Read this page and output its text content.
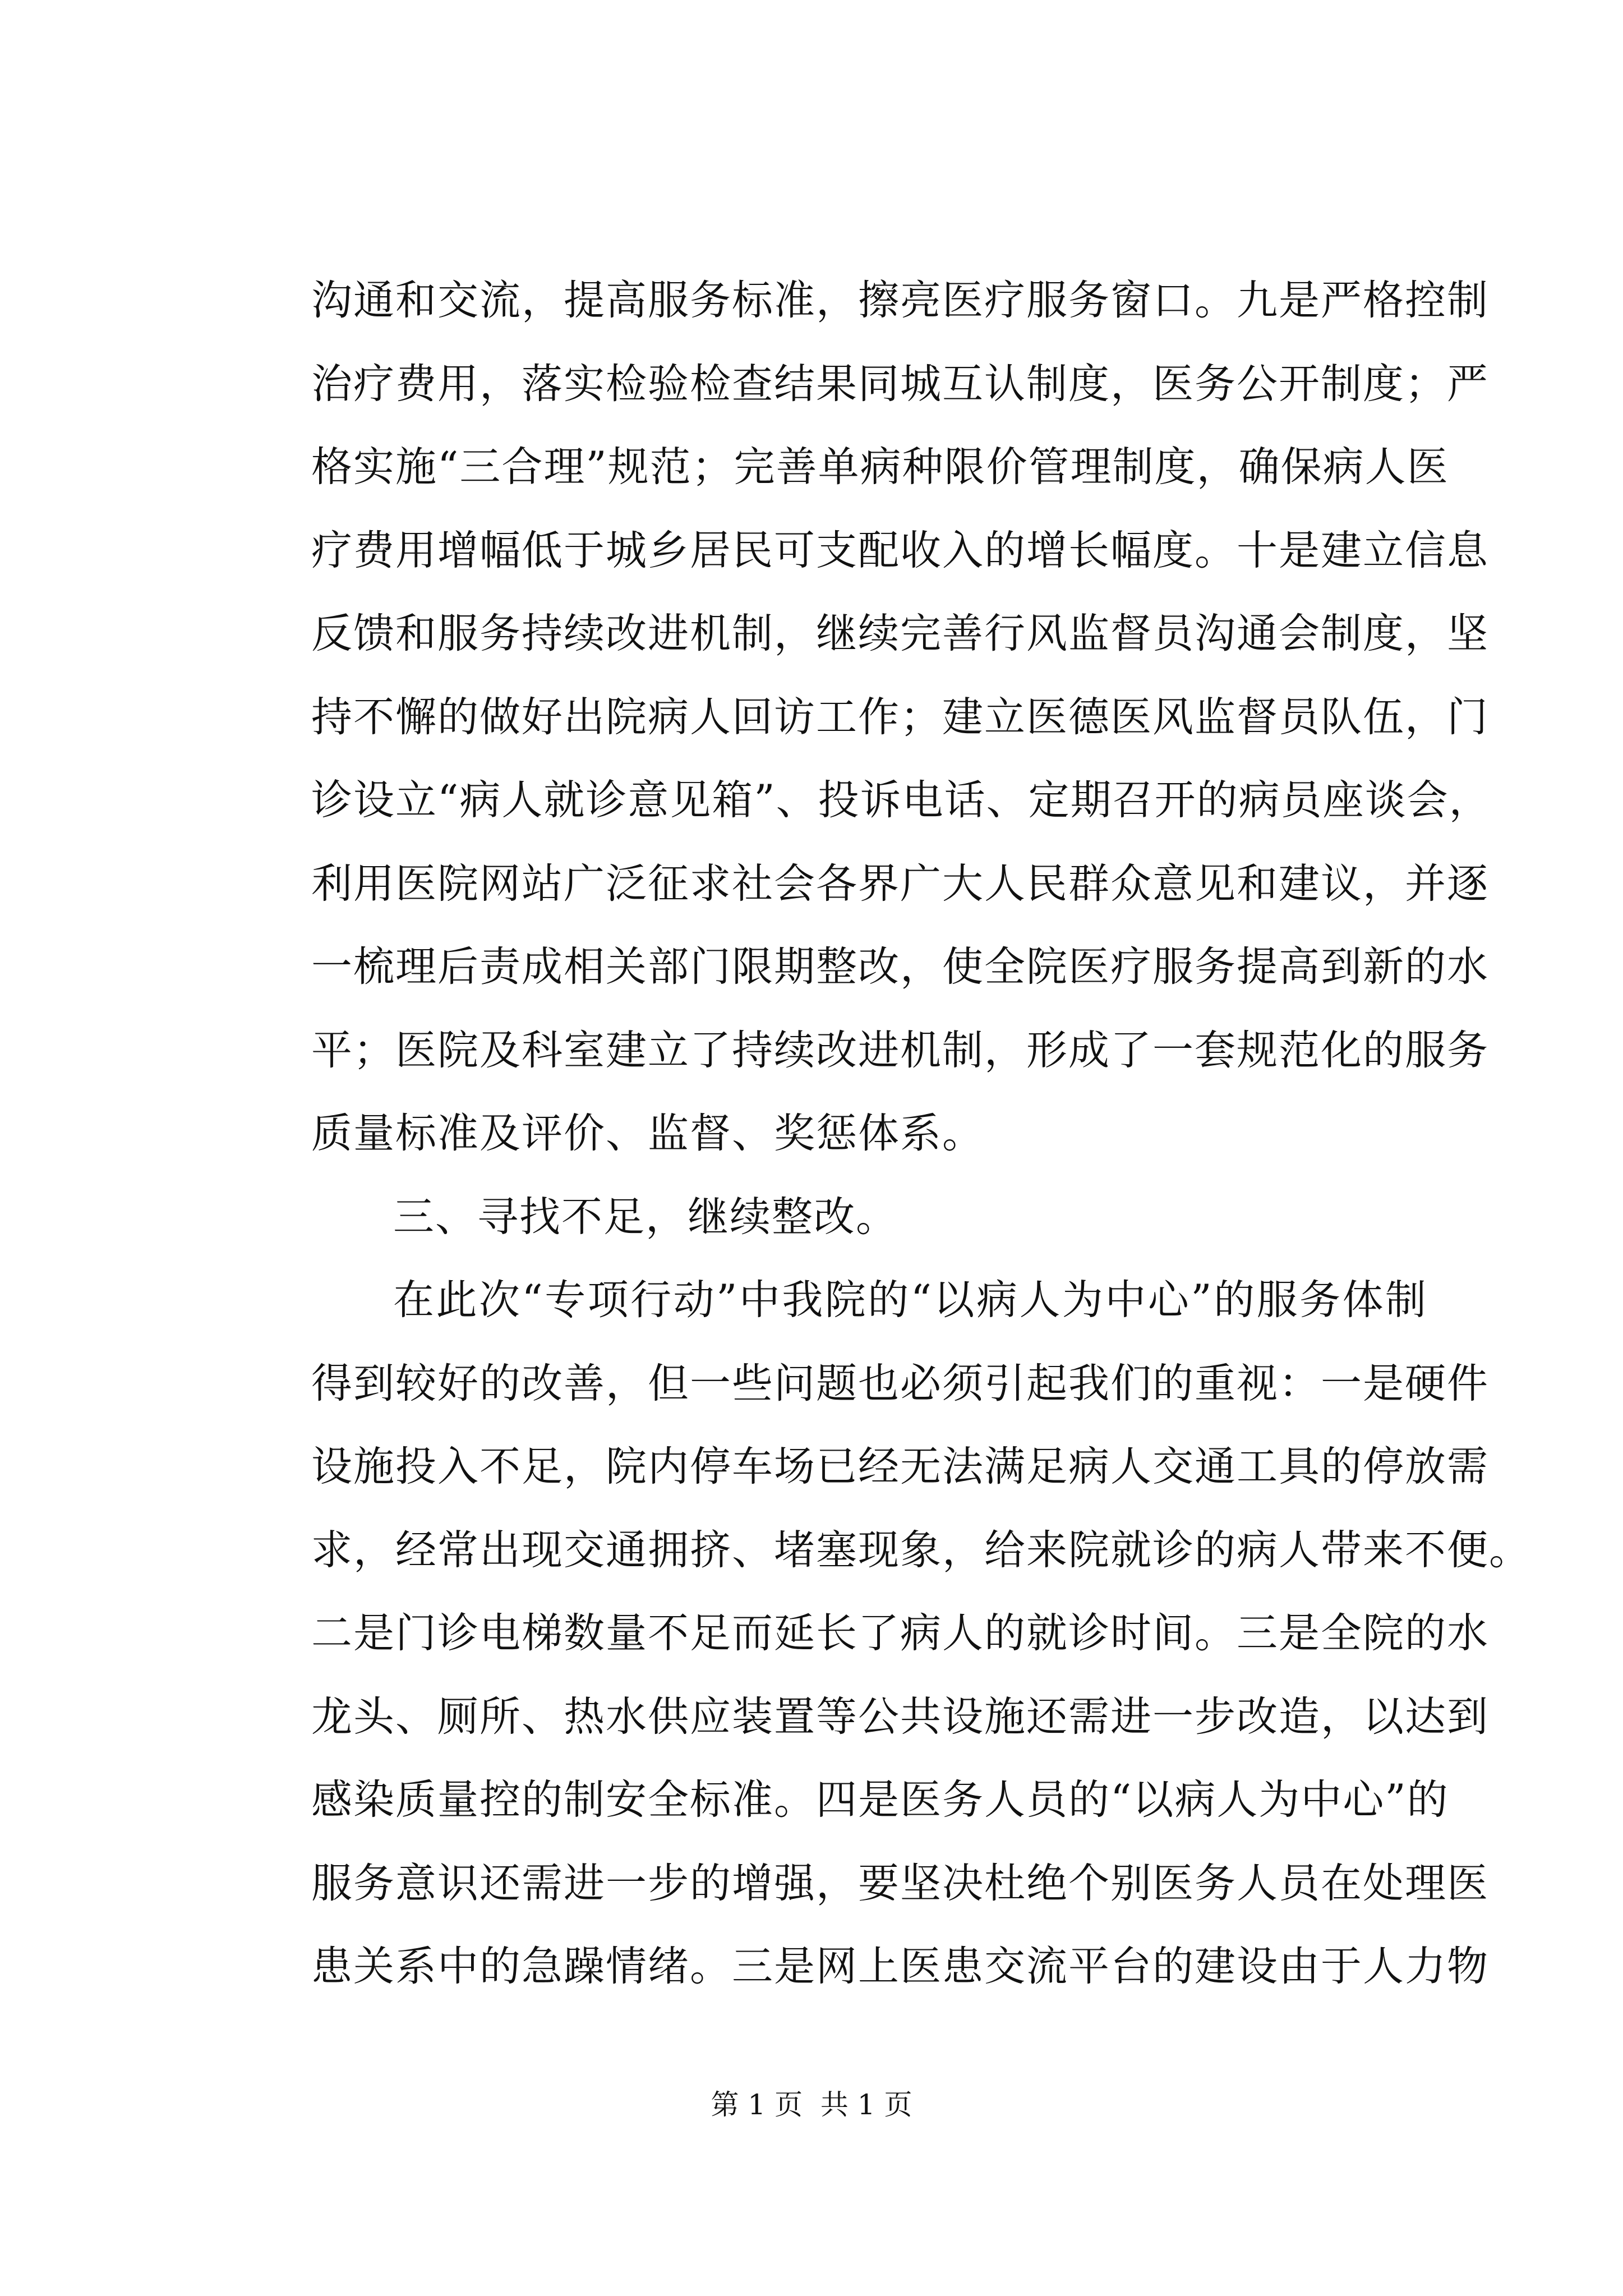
沟通和交流，提高服务标准，擦亮医疗服务窗口。九是严格控制
治疗费用，落实检验检查结果同城互认制度，医务公开制度；严
格实施“三合理”规范；完善单病种限价管理制度，确保病人医
疗费用增幅低于城乡居民可支配收入的增长幅度。十是建立信息
反馈和服务持续改进机制，继续完善行风监督员沟通会制度，坚
持不懈的做好出院病人回访工作；建立医德医风监督员队伍，门
诊设立“病人就诊意见箱”、投诉电话、定期召开的病员座谈会，
利用医院网站广泛征求社会各界广大人民群众意见和建议，并逐
一梳理后责成相关部门限期整改，使全院医疗服务提高到新的水
平；医院及科室建立了持续改进机制，形成了一套规范化的服务
质量标准及评价、监督、奖惩体系。
三、寻找不足，继续整改。
在此次“专项行动”中我院的“以病人为中心”的服务体制
得到较好的改善，但一些问题也必须引起我们的重视：一是硬件
设施投入不足，院内停车场已经无法满足病人交通工具的停放需
求，经常出现交通拥挤、堵塞现象，给来院就诊的病人带来不便。
二是门诊电梯数量不足而延长了病人的就诊时间。三是全院的水
龙头、厕所、热水供应装置等公共设施还需进一步改造，以达到
感染质量控的制安全标准。四是医务人员的“以病人为中心”的
服务意识还需进一步的增强，要坚决杜绝个别医务人员在处理医
患关系中的急躁情绪。三是网上医患交流平台的建设由于人力物
第 1 页  共 1 页
